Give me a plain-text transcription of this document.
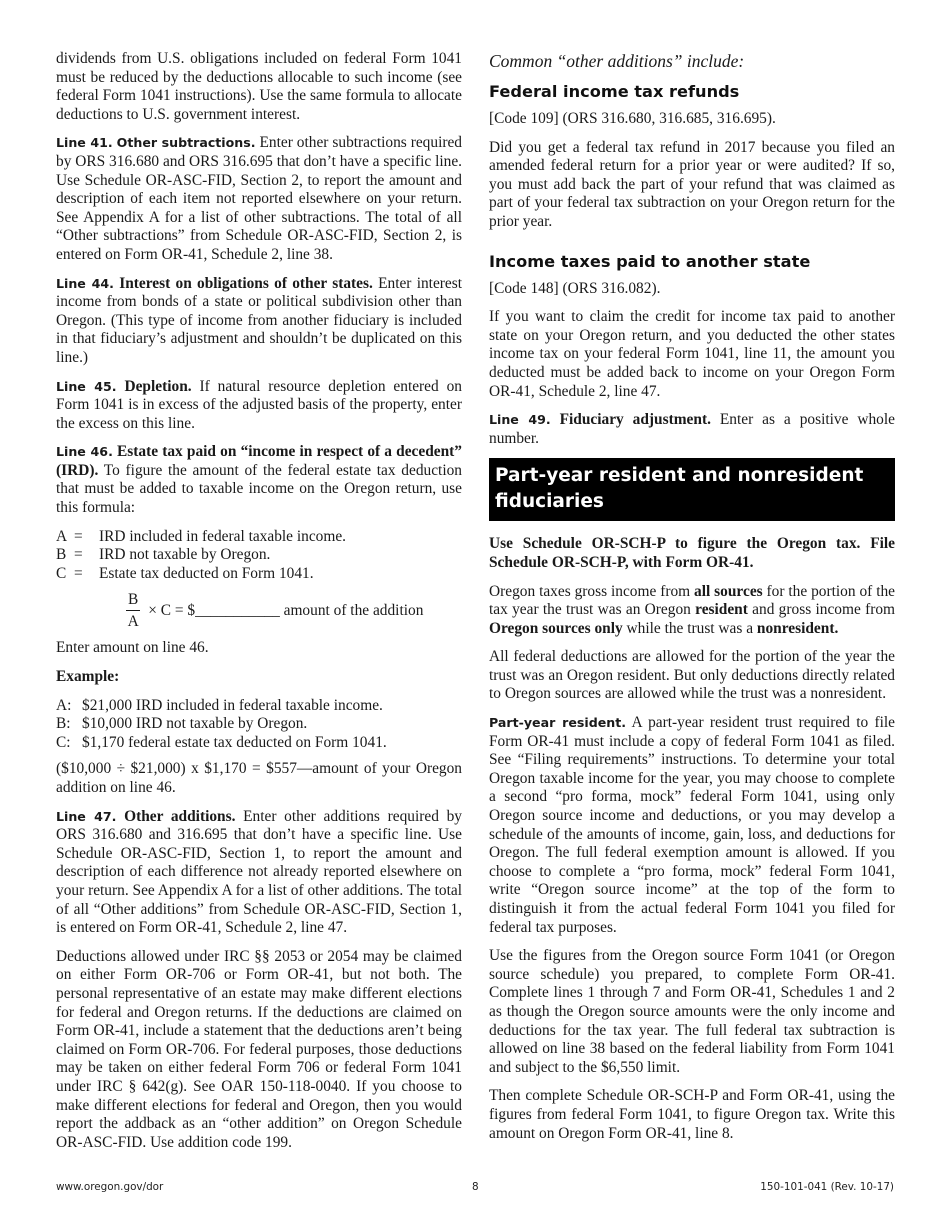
dividends from U.S. obligations included on federal Form 1041 must be reduced by the deductions allocable to such income (see federal Form 1041 instructions). Use the same formula to allocate deductions to U.S. government interest.

Line 41. Other subtractions. Enter other subtractions required by ORS 316.680 and ORS 316.695 that don’t have a specific line. Use Schedule OR-ASC-FID, Section 2, to report the amount and description of each item not reported elsewhere on your return. See Appendix A for a list of other subtractions. The total of all “Other subtractions” from Schedule OR-ASC-FID, Section 2, is entered on Form OR-41, Schedule 2, line 38.

Line 44. Interest on obligations of other states. Enter interest income from bonds of a state or political subdivision other than Oregon. (This type of income from another fiduciary is included in that fiduciary’s adjustment and shouldn’t be duplicated on this line.)

Line 45. Depletion. If natural resource depletion entered on Form 1041 is in excess of the adjusted basis of the property, enter the excess on this line.

Line 46. Estate tax paid on “income in respect of a decedent” (IRD). To figure the amount of the federal estate tax deduction that must be added to taxable income on the Oregon return, use this formula:

A =	IRD included in federal taxable income.
B =	IRD not taxable by Oregon.
C =	Estate tax deducted on Form 1041.
$\frac{B}{A} \times C$ = $___________ amount of the addition

Enter amount on line 46.

Example:

A: $21,000 IRD included in federal taxable income.
B: $10,000 IRD not taxable by Oregon.
C: $1,170 federal estate tax deducted on Form 1041.

($10,000 ÷ $21,000) x $1,170 = $557—amount of your Oregon addition on line 46.

Line 47. Other additions. Enter other additions required by ORS 316.680 and 316.695 that don’t have a specific line. Use Schedule OR-ASC-FID, Section 1, to report the amount and description of each difference not already reported elsewhere on your return. See Appendix A for a list of other additions. The total of all “Other additions” from Schedule OR-ASC-FID, Section 1, is entered on Form OR-41, Schedule 2, line 47.

Deductions allowed under IRC §§ 2053 or 2054 may be claimed on either Form OR-706 or Form OR-41, but not both. The personal representative of an estate may make different elections for federal and Oregon returns. If the deductions are claimed on Form OR-41, include a statement that the deductions aren’t being claimed on Form OR-706. For federal purposes, those deductions may be taken on either federal Form 706 or federal Form 1041 under IRC § 642(g). See OAR 150-118-0040. If you choose to make different elections for federal and Oregon, then you would report the addback as an “other addition” on Oregon Schedule OR-ASC-FID. Use addition code 199.

Common “other additions” include:
Federal income tax refunds

[Code 109] (ORS 316.680, 316.685, 316.695).

Did you get a federal tax refund in 2017 because you filed an amended federal return for a prior year or were audited? If so, you must add back the part of your refund that was claimed as part of your federal tax subtraction on your Oregon return for the prior year.

Income taxes paid to another state

[Code 148] (ORS 316.082).

If you want to claim the credit for income tax paid to another state on your Oregon return, and you deducted the other states income tax on your federal Form 1041, line 11, the amount you deducted must be added back to income on your Oregon Form OR-41, Schedule 2, line 47.

Line 49. Fiduciary adjustment. Enter as a positive whole number.

Part-year resident and nonresident fiduciaries

Use Schedule OR-SCH-P to figure the Oregon tax. File Schedule OR-SCH-P, with Form OR-41.

Oregon taxes gross income from all sources for the portion of the tax year the trust was an Oregon resident and gross income from Oregon sources only while the trust was a nonresident.

All federal deductions are allowed for the portion of the year the trust was an Oregon resident. But only deductions directly related to Oregon sources are allowed while the trust was a nonresident.

Part-year resident. A part-year resident trust required to file Form OR-41 must include a copy of federal Form 1041 as filed. See “Filing requirements” instructions. To determine your total Oregon taxable income for the year, you may choose to complete a second “pro forma, mock” federal Form 1041, using only Oregon source income and deductions, or you may develop a schedule of the amounts of income, gain, loss, and deductions for Oregon. The full federal exemption amount is allowed. If you choose to complete a “pro forma, mock” federal Form 1041, write “Oregon source income” at the top of the form to distinguish it from the actual federal Form 1041 you filed for federal tax purposes.

Use the figures from the Oregon source Form 1041 (or Oregon source schedule) you prepared, to complete Form OR-41. Complete lines 1 through 7 and Form OR-41, Schedules 1 and 2 as though the Oregon source amounts were the only income and deductions for the tax year. The full federal tax subtraction is allowed on line 38 based on the federal liability from Form 1041 and subject to the $6,550 limit.

Then complete Schedule OR-SCH-P and Form OR-41, using the figures from federal Form 1041, to figure Oregon tax. Write this amount on Oregon Form OR-41, line 8.

www.oregon.gov/dor	8	150-101-041 (Rev. 10-17)
